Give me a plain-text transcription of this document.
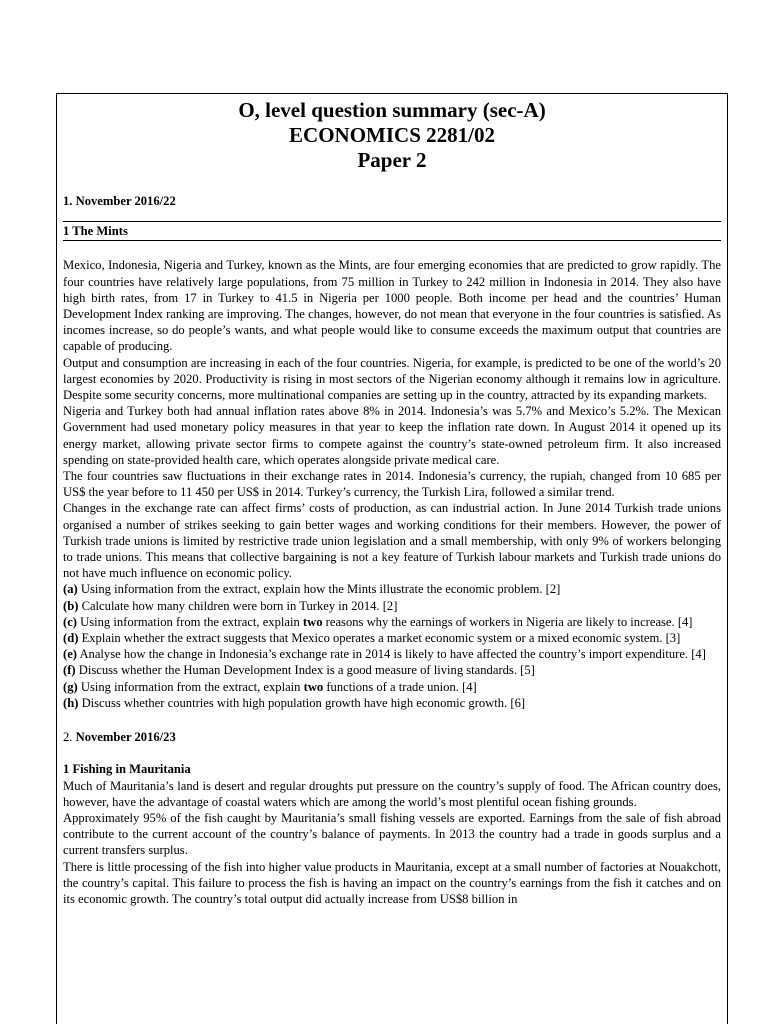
O, level question summary (sec-A)
ECONOMICS 2281/02
Paper 2
1. November 2016/22
1 The Mints

Mexico, Indonesia, Nigeria and Turkey, known as the Mints, are four emerging economies that are predicted to grow rapidly. The four countries have relatively large populations, from 75 million in Turkey to 242 million in Indonesia in 2014. They also have high birth rates, from 17 in Turkey to 41.5 in Nigeria per 1000 people. Both income per head and the countries’ Human Development Index ranking are improving. The changes, however, do not mean that everyone in the four countries is satisfied. As incomes increase, so do people’s wants, and what people would like to consume exceeds the maximum output that countries are capable of producing.

Output and consumption are increasing in each of the four countries. Nigeria, for example, is predicted to be one of the world’s 20 largest economies by 2020. Productivity is rising in most sectors of the Nigerian economy although it remains low in agriculture. Despite some security concerns, more multinational companies are setting up in the country, attracted by its expanding markets.

Nigeria and Turkey both had annual inflation rates above 8% in 2014. Indonesia’s was 5.7% and Mexico’s 5.2%. The Mexican Government had used monetary policy measures in that year to keep the inflation rate down. In August 2014 it opened up its energy market, allowing private sector firms to compete against the country’s state-owned petroleum firm. It also increased spending on state-provided health care, which operates alongside private medical care.

The four countries saw fluctuations in their exchange rates in 2014. Indonesia’s currency, the rupiah, changed from 10 685 per US$ the year before to 11 450 per US$ in 2014. Turkey’s currency, the Turkish Lira, followed a similar trend.

Changes in the exchange rate can affect firms’ costs of production, as can industrial action. In June 2014 Turkish trade unions organised a number of strikes seeking to gain better wages and working conditions for their members. However, the power of Turkish trade unions is limited by restrictive trade union legislation and a small membership, with only 9% of workers belonging to trade unions. This means that collective bargaining is not a key feature of Turkish labour markets and Turkish trade unions do not have much influence on economic policy.

(a) Using information from the extract, explain how the Mints illustrate the economic problem. [2]

(b) Calculate how many children were born in Turkey in 2014. [2]

(c) Using information from the extract, explain two reasons why the earnings of workers in Nigeria are likely to increase. [4]

(d) Explain whether the extract suggests that Mexico operates a market economic system or a mixed economic system. [3]

(e) Analyse how the change in Indonesia’s exchange rate in 2014 is likely to have affected the country’s import expenditure. [4]

(f) Discuss whether the Human Development Index is a good measure of living standards. [5]

(g) Using information from the extract, explain two functions of a trade union. [4]

(h) Discuss whether countries with high population growth have high economic growth. [6]

2. November 2016/23
1 Fishing in Mauritania

Much of Mauritania’s land is desert and regular droughts put pressure on the country’s supply of food. The African country does, however, have the advantage of coastal waters which are among the world’s most plentiful ocean fishing grounds.

Approximately 95% of the fish caught by Mauritania’s small fishing vessels are exported. Earnings from the sale of fish abroad contribute to the current account of the country’s balance of payments. In 2013 the country had a trade in goods surplus and a current transfers surplus.

There is little processing of the fish into higher value products in Mauritania, except at a small number of factories at Nouakchott, the country’s capital. This failure to process the fish is having an impact on the country’s earnings from the fish it catches and on its economic growth. The country’s total output did actually increase from US$8 billion in
